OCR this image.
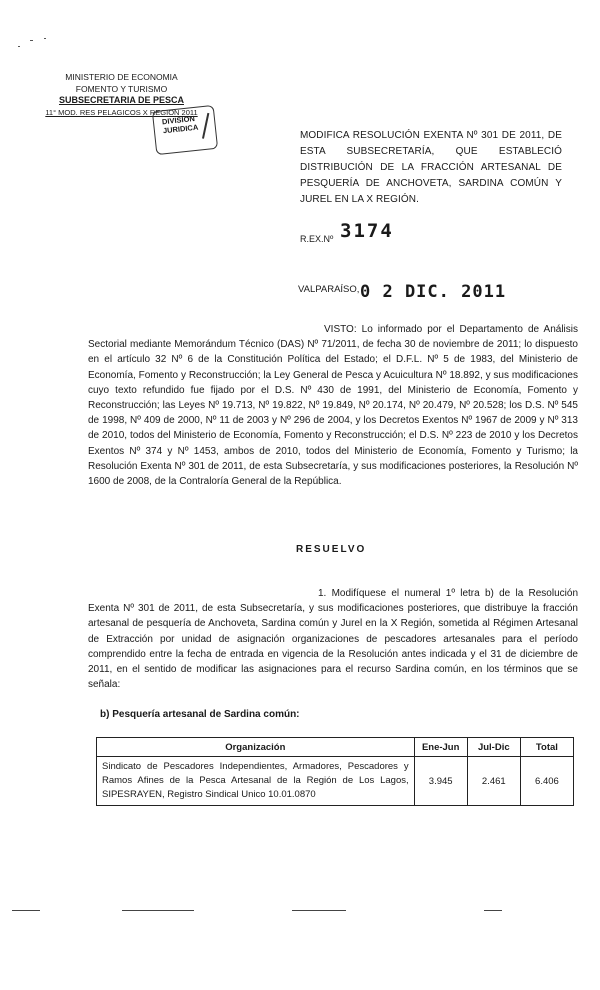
MINISTERIO DE ECONOMIA
FOMENTO Y TURISMO
SUBSECRETARIA DE PESCA
11° MOD. RES PELAGICOS X REGION 2011
DIVISION
JURIDICA
MODIFICA RESOLUCIÓN EXENTA Nº 301 DE 2011, DE ESTA SUBSECRETARÍA, QUE ESTABLECIÓ DISTRIBUCIÓN DE LA FRACCIÓN ARTESANAL DE PESQUERÍA DE ANCHOVETA, SARDINA COMÚN Y JUREL EN LA X REGIÓN.
R.EX.Nº 3174
VALPARAÍSO, 0 2 DIC. 2011
VISTO: Lo informado por el Departamento de Análisis Sectorial mediante Memorándum Técnico (DAS) Nº 71/2011, de fecha 30 de noviembre de 2011; lo dispuesto en el artículo 32 Nº 6 de la Constitución Política del Estado; el D.F.L. Nº 5 de 1983, del Ministerio de Economía, Fomento y Reconstrucción; la Ley General de Pesca y Acuicultura Nº 18.892, y sus modificaciones cuyo texto refundido fue fijado por el D.S. Nº 430 de 1991, del Ministerio de Economía, Fomento y Reconstrucción; las Leyes Nº 19.713, Nº 19.822, Nº 19.849, Nº 20.174, Nº 20.479, Nº 20.528; los D.S. Nº 545 de 1998, Nº 409 de 2000, Nº 11 de 2003 y Nº 296 de 2004, y los Decretos Exentos Nº 1967 de 2009 y Nº 313 de 2010, todos del Ministerio de Economía, Fomento y Reconstrucción; el D.S. Nº 223 de 2010 y los Decretos Exentos Nº 374 y Nº 1453, ambos de 2010, todos del Ministerio de Economía, Fomento y Turismo; la Resolución Exenta Nº 301 de 2011, de esta Subsecretaría, y sus modificaciones posteriores, la Resolución Nº 1600 de 2008, de la Contraloría General de la República.
RESUELVO
1. Modifíquese el numeral 1º letra b) de la Resolución Exenta Nº 301 de 2011, de esta Subsecretaría, y sus modificaciones posteriores, que distribuye la fracción artesanal de pesquería de Anchoveta, Sardina común y Jurel en la X Región, sometida al Régimen Artesanal de Extracción por unidad de asignación organizaciones de pescadores artesanales para el período comprendido entre la fecha de entrada en vigencia de la Resolución antes indicada y el 31 de diciembre de 2011, en el sentido de modificar las asignaciones para el recurso Sardina común, en los términos que se señala:
b) Pesquería artesanal de Sardina común:
Organización	Ene-Jun	Jul-Dic	Total
Sindicato de Pescadores Independientes, Armadores, Pescadores y Ramos Afines de la Pesca Artesanal de la Región de Los Lagos, SIPESRAYEN, Registro Sindical Unico 10.01.0870	3.945	2.461	6.406
